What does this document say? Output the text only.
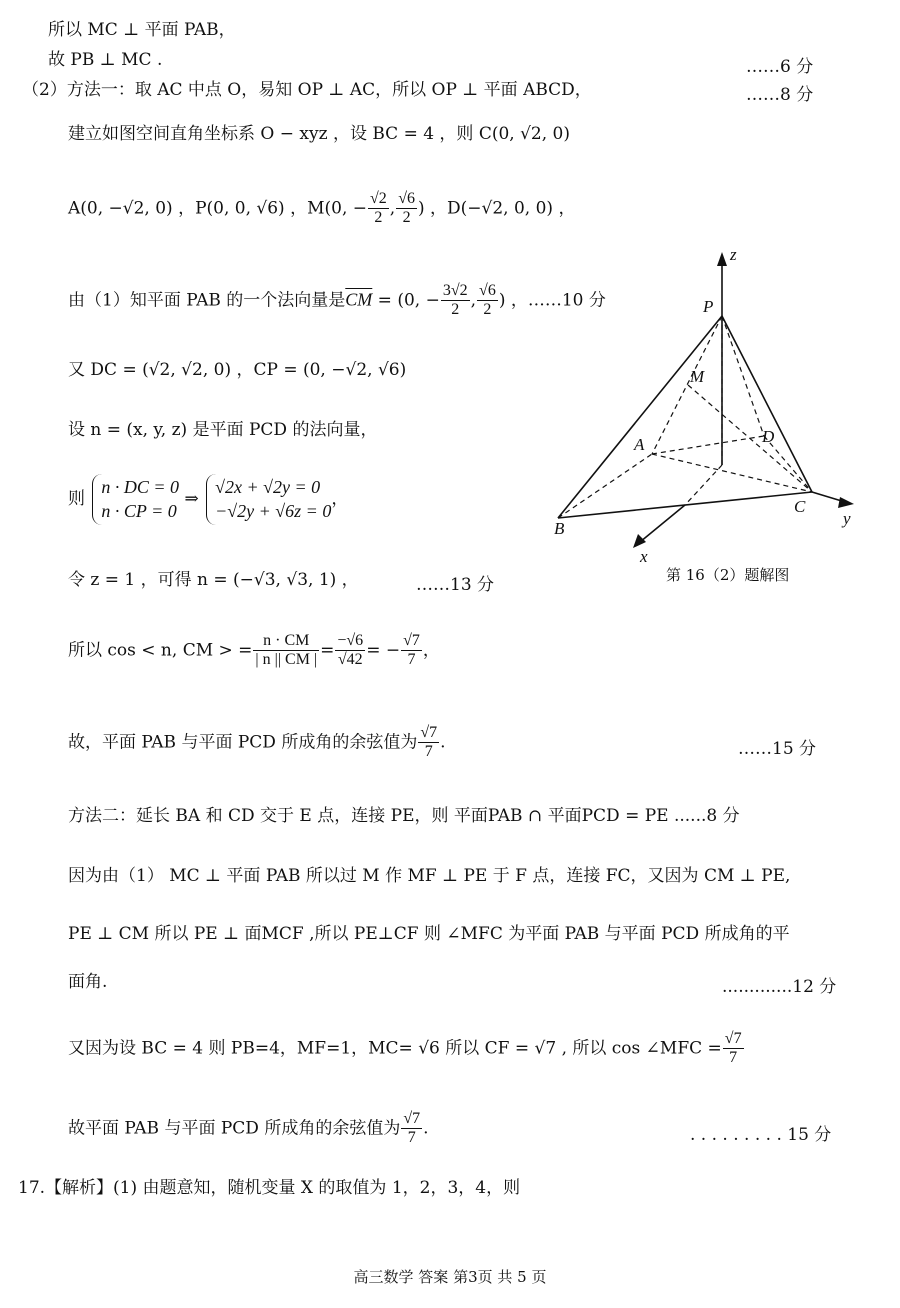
所以 MC ⊥ 平面 PAB，
……6 分
故 PB ⊥ MC .
（2）方法一：取 AC 中点 O，易知 OP ⊥ AC，所以 OP ⊥ 平面 ABCD，	……8 分
建立如图空间直角坐标系 O − xyz ，设 BC = 4 ，则 C(0, √2, 0)
A(0, −√2, 0) ，P(0, 0, √6) ，M(0, − $\frac{√2}{2}$ , $\frac{√6}{2}$ ) ，D(−√2, 0, 0) ，
由（1）知平面 PAB 的一个法向量是$\overline{CM} = (0$, − $\frac{3√2}{2}$ , $\frac{√6}{2}$ ) ，……10 分
又 DC = (√2, √2, 0) ，CP = (0, −√2, √6)
设 n = (x, y, z) 是平面 PCD 的法向量，
则
n · DC = 0
n · CP = 0
⇒
√2x + √2y = 0
−√2y + √6z = 0
，
令 z = 1 ，可得 n = (−√3, √3, 1) ，	……13 分
所以 cos < n, CM > = $\frac{n \cdot CM}{| n || CM |} = \frac{-√6}{√42}$ = − $\frac{√7}{7}$ ，
故，平面 PAB 与平面 PCD 所成角的余弦值为 $\frac{√7}{7}$ .	……15 分
方法二：延长 BA 和 CD 交于 E 点，连接 PE，则 平面PAB ∩ 平面PCD = PE ......8 分
因为由（1） MC ⊥ 平面 PAB 所以过 M 作 MF ⊥ PE 于 F 点，连接 FC，又因为 CM ⊥ PE,
PE ⊥ CM 所以 PE ⊥ 面MCF ,所以 PE⊥CF 则 ∠MFC 为平面 PAB 与平面 PCD 所成角的平
面角.	.............12 分
又因为设 BC = 4 则 PB=4，MF=1，MC= √6 所以 CF = √7 , 所以 cos ∠MFC = $\frac{√7}{7}$
故平面 PAB 与平面 PCD 所成角的余弦值为 $\frac{√7}{7}$ .	. . . . . . . . . 15 分
17.【解析】(1) 由题意知，随机变量 X 的取值为 1，2，3，4，则
P
M
A	D
B
C
x
y
z
第 16（2）题解图
高三数学 答案 第3页 共 5 页
